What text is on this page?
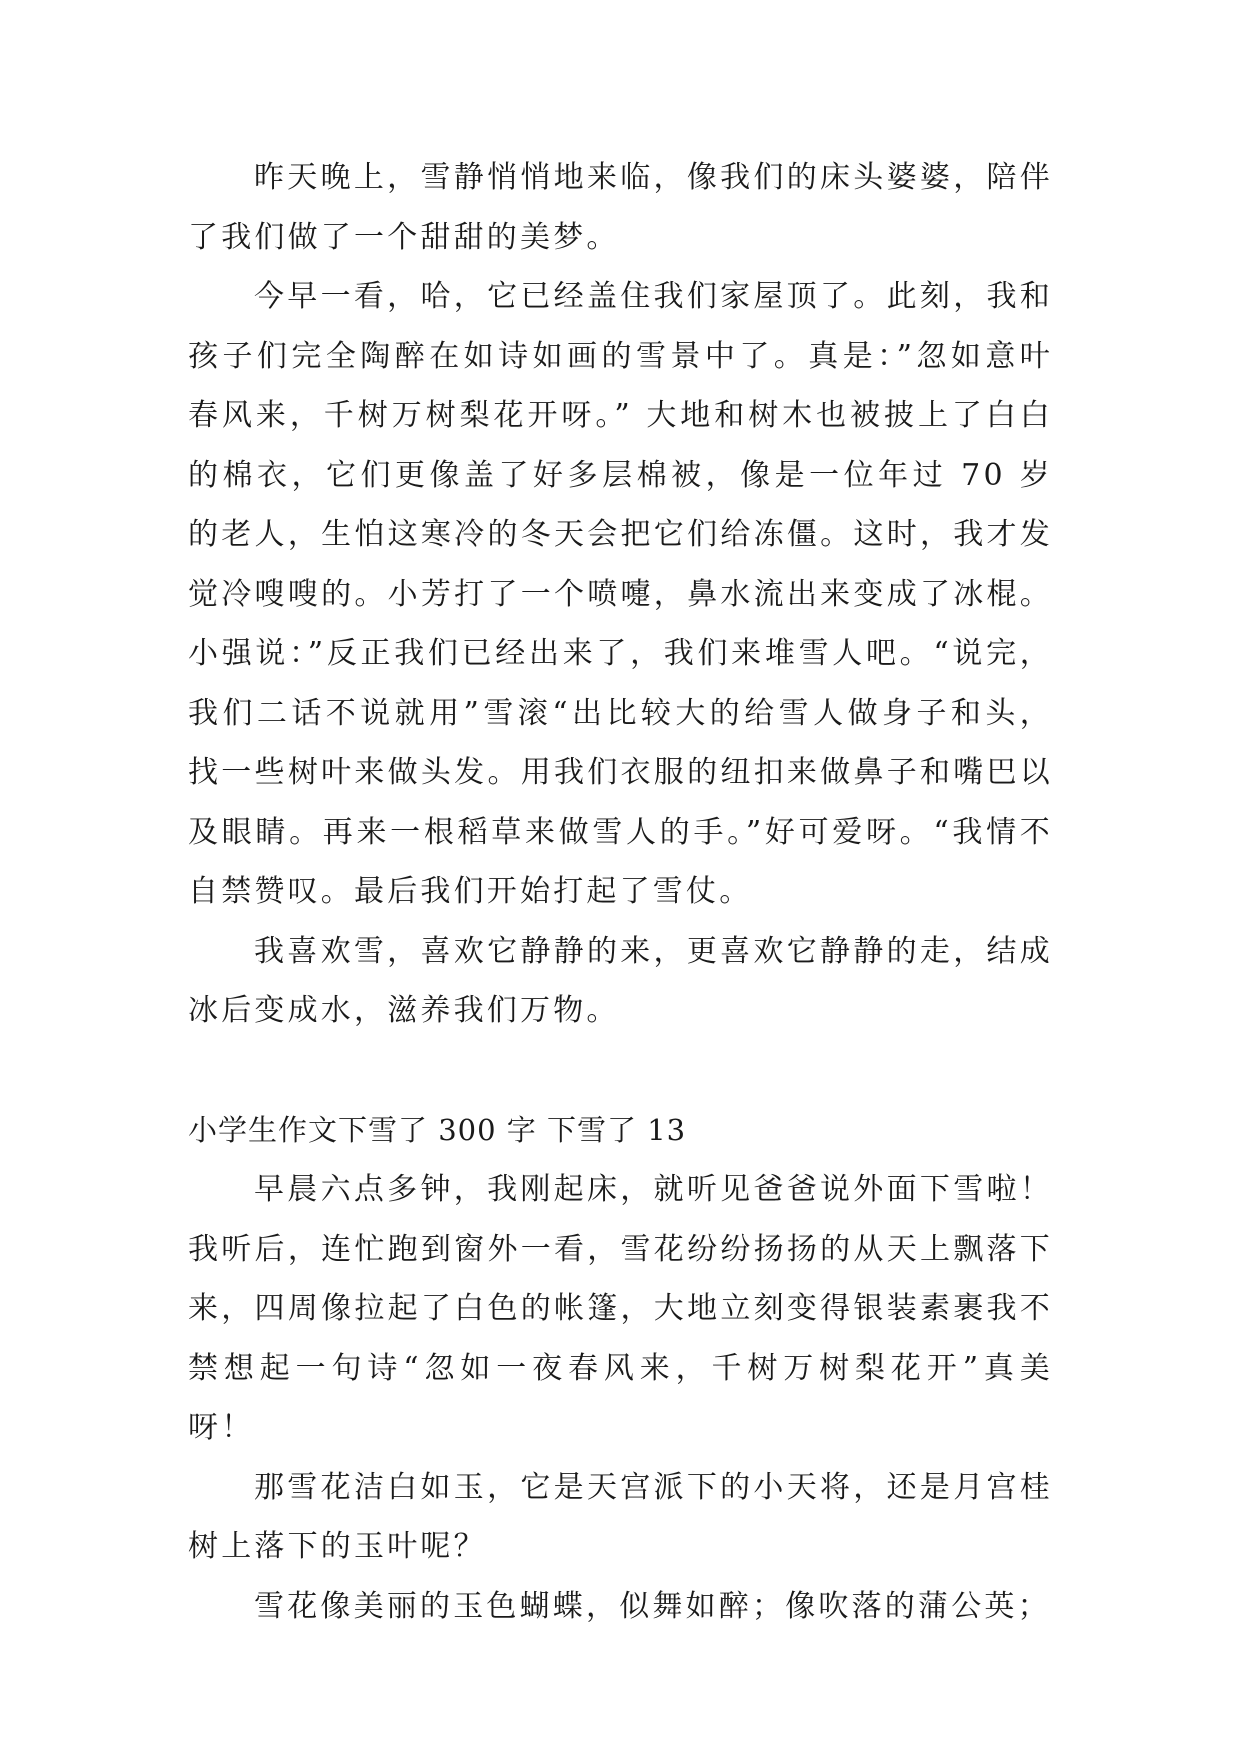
昨天晚上，雪静悄悄地来临，像我们的床头婆婆，陪伴了我们做了一个甜甜的美梦。

今早一看，哈，它已经盖住我们家屋顶了。此刻，我和孩子们完全陶醉在如诗如画的雪景中了。真是：”忽如意叶春风来，千树万树梨花开呀。” 大地和树木也被披上了白白的棉衣，它们更像盖了好多层棉被，像是一位年过 70 岁的老人，生怕这寒冷的冬天会把它们给冻僵。这时，我才发觉冷嗖嗖的。小芳打了一个喷嚏，鼻水流出来变成了冰棍。小强说：”反正我们已经出来了，我们来堆雪人吧。“说完，我们二话不说就用”雪滚“出比较大的给雪人做身子和头，找一些树叶来做头发。用我们衣服的纽扣来做鼻子和嘴巴以及眼睛。再来一根稻草来做雪人的手。”好可爱呀。“我情不自禁赞叹。最后我们开始打起了雪仗。

我喜欢雪，喜欢它静静的来，更喜欢它静静的走，结成冰后变成水，滋养我们万物。

小学生作文下雪了 300 字 下雪了 13

早晨六点多钟，我刚起床，就听见爸爸说外面下雪啦！我听后，连忙跑到窗外一看，雪花纷纷扬扬的从天上飘落下来，四周像拉起了白色的帐篷，大地立刻变得银装素裹我不禁想起一句诗“忽如一夜春风来，千树万树梨花开”真美呀！

那雪花洁白如玉，它是天宫派下的小天将，还是月宫桂树上落下的玉叶呢？

雪花像美丽的玉色蝴蝶，似舞如醉；像吹落的蒲公英；
